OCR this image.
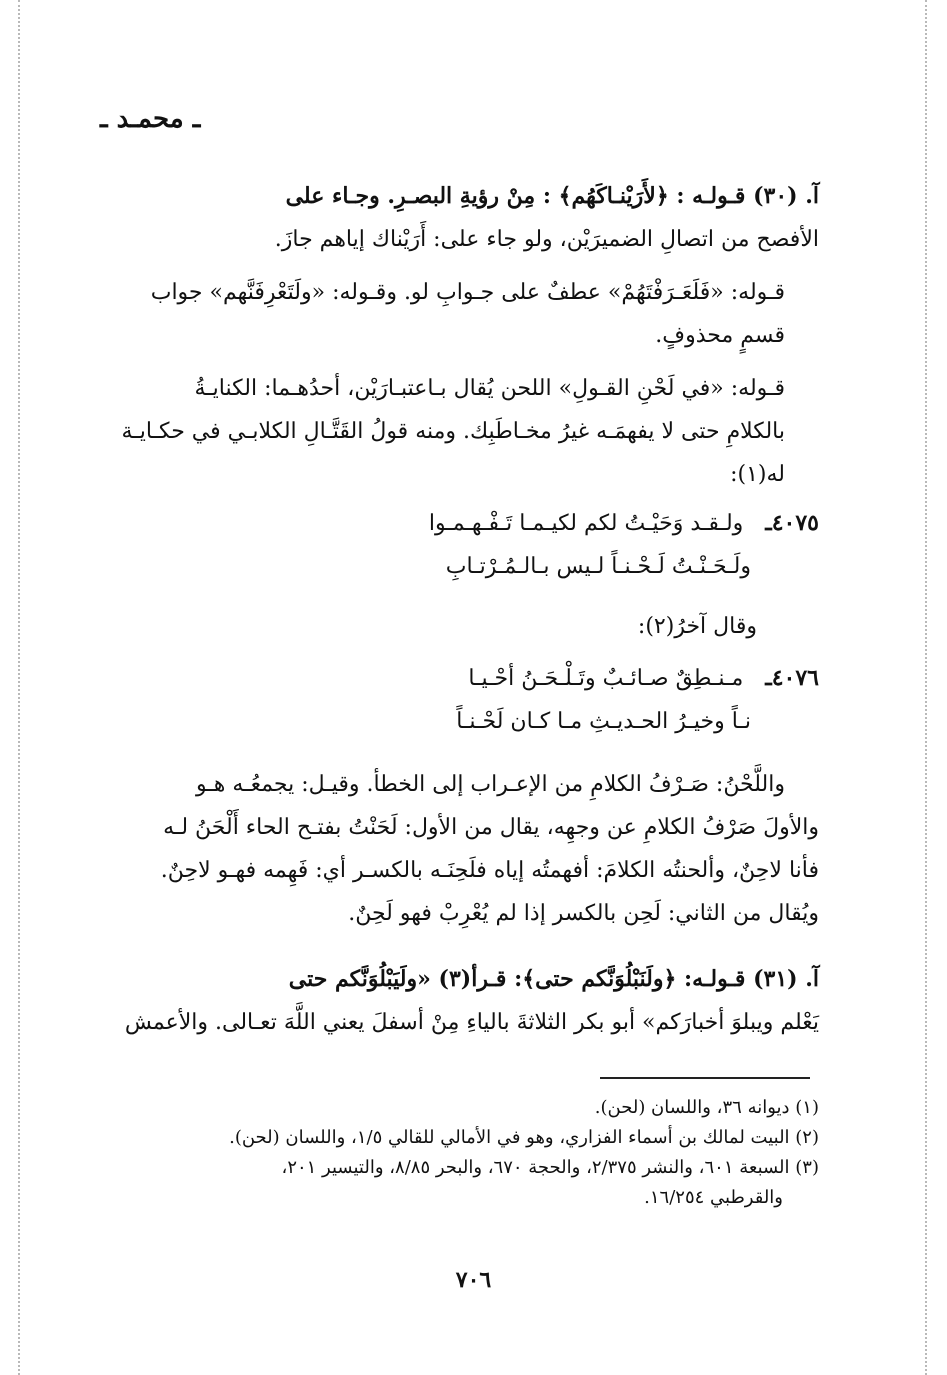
ـ محمـد ـ
آ. (٣٠) قـولـه : ﴿لأَرَيْنـاكَهُم﴾ : مِنْ رؤيةِ البصـرِ. وجـاء على
الأفصح من اتصالِ الضميرَيْن، ولو جاء على: أَرَيْناك إياهم جازَ.
قـوله: «فَلَعَـرَفْتَهُمْ» عطفٌ على جـوابِ لو. وقـوله: «ولَتَعْرِفَنَّهم» جواب
قسمٍ محذوفٍ.
قـوله: «في لَحْنِ القـولِ» اللحن يُقال بـاعتبـارَيْن، أحدُهـما: الكنايـةُ
بالكلامِ حتى لا يفهمَـه غيرُ مخـاطَبِك. ومنه قولُ القَتَّـالِ الكلابـي في حكـايـة
له(١):
٤٠٧٥ـ  ولـقـد وَحَيْـتُ لكم لكيـمـا تَـفْـهـمـوا
ولَـحَـنْـتُ لَـحْـنـاً لـيس بـالـمُـرْتـابِ
وقال آخرُ(٢):
٤٠٧٦ـ  مـنـطِقٌ صـائـبٌ وتَـلْـحَـنُ أحْـيـا
نـاً وخيـرُ الحـديـثِ مـا كـان لَحْـنـاً
واللَّحْنُ: صَـرْفُ الكلامِ من الإعـراب إلى الخطأ. وقيـل: يجمعُـه هـو
والأولَ صَرْفُ الكلامِ عن وجهِه، يقال من الأول: لَحَنْتُ بفتـح الحاء أَلْحَنُ لـه
فأنا لاحِنٌ، وألحنتُه الكلامَ: أفهمتُه إياه فلَحِنَـه بالكسـر أي: فَهِمه فهـو لاحِنٌ.
ويُقال من الثاني: لَحِن بالكسر إذا لم يُعْرِبْ فهو لَحِنٌ.
آ. (٣١) قـولـه: ﴿ولَنَبْلُوَنَّكم حتى﴾: قـرأ(٣) «ولَيَبْلُوَنَّكم حتى
يَعْلم ويبلوَ أخبارَكم» أبو بكر الثلاثةَ بالياءِ مِنْ أسفلَ يعني اللَّهَ تعـالى. والأعمش
(١) ديوانه ٣٦، واللسان (لحن).
(٢) البيت لمالك بن أسماء الفزاري، وهو في الأمالي للقالي ١/٥، واللسان (لحن).
(٣) السبعة ٦٠١، والنشر ٢/٣٧٥، والحجة ٦٧٠، والبحر ٨/٨٥، والتيسير ٢٠١،
والقرطبي ١٦/٢٥٤.
٧٠٦
